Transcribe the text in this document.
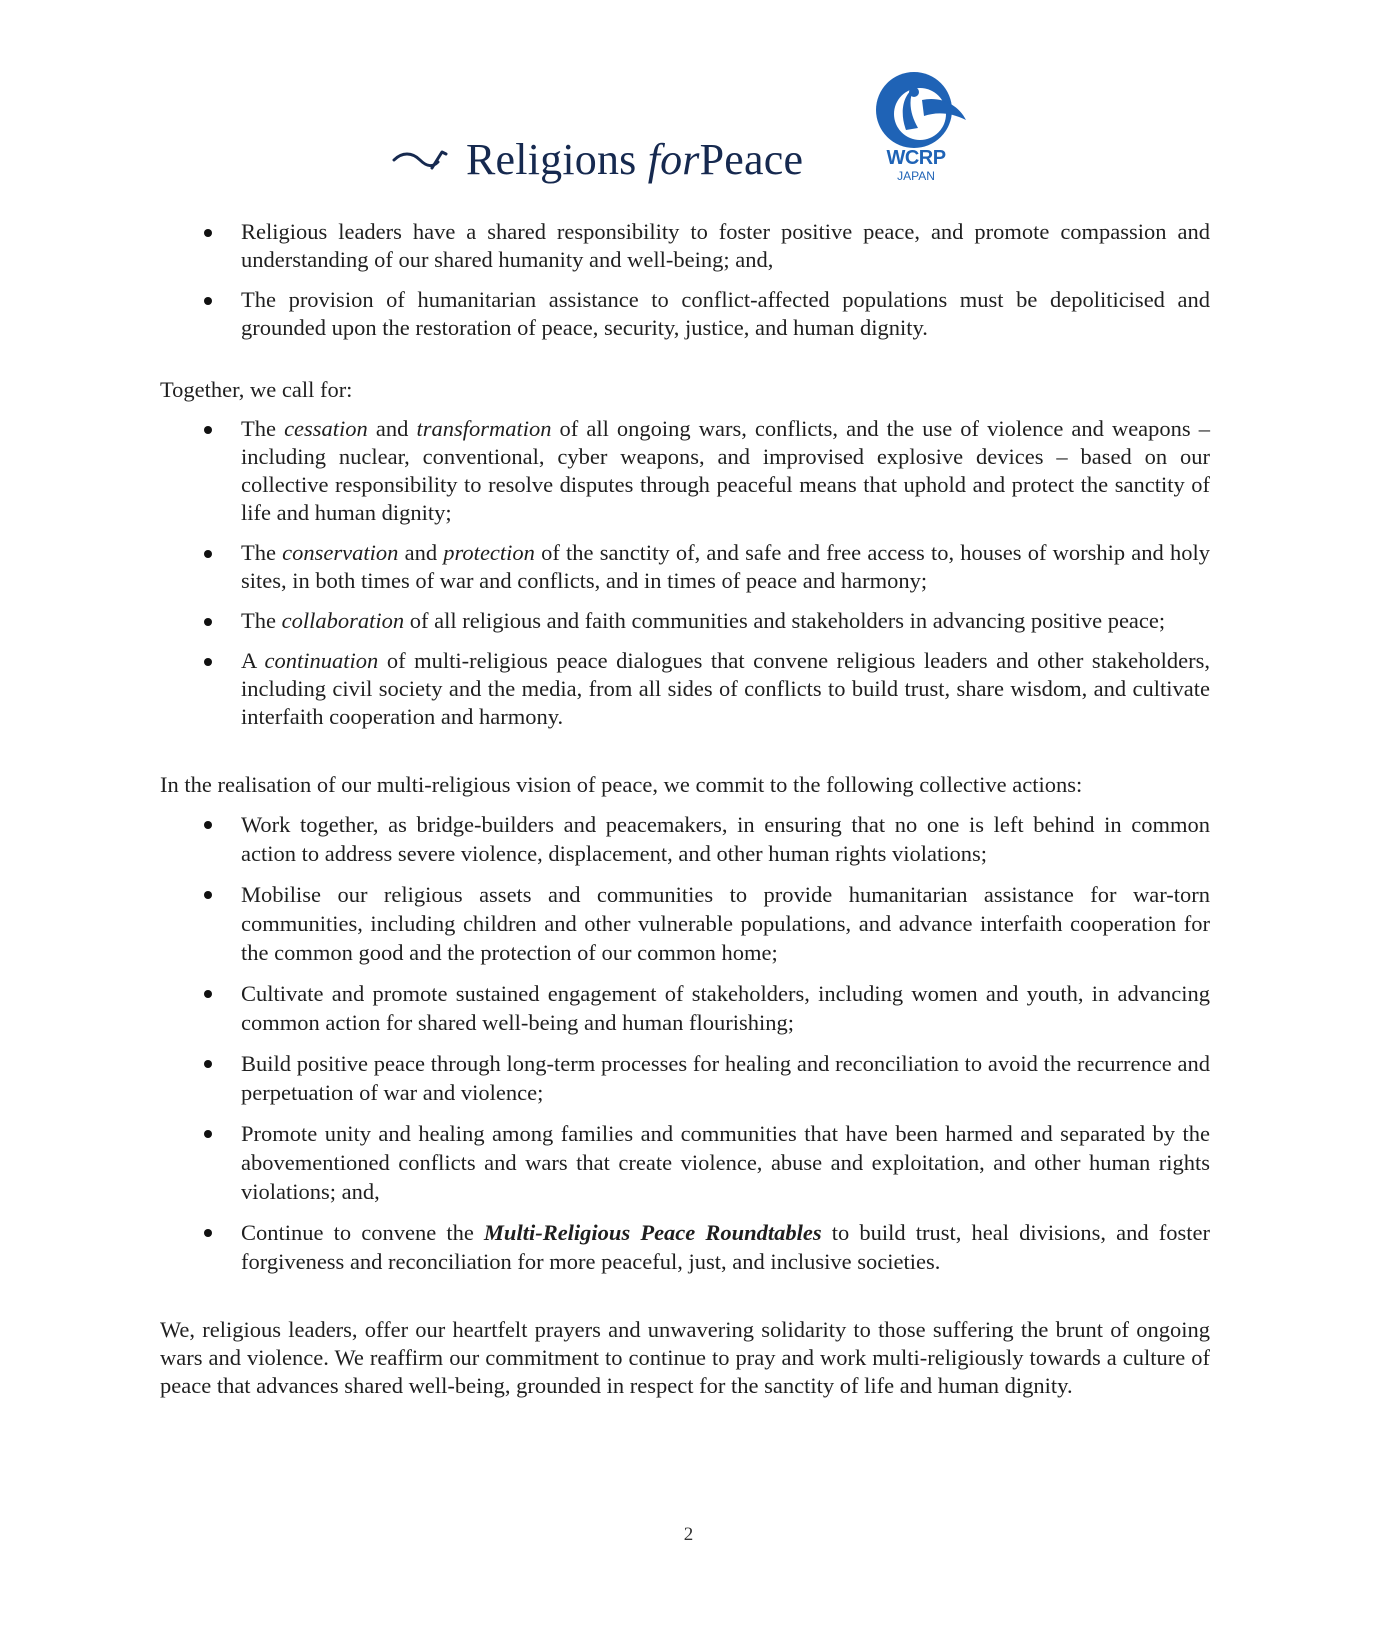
Religions forPeace	WCRP
JAPAN
Religious leaders have a shared responsibility to foster positive peace, and promote compassion and understanding of our shared humanity and well-being; and,
The provision of humanitarian assistance to conflict-affected populations must be depoliticised and grounded upon the restoration of peace, security, justice, and human dignity.

Together, we call for:

The cessation and transformation of all ongoing wars, conflicts, and the use of violence and weapons – including nuclear, conventional, cyber weapons, and improvised explosive devices – based on our collective responsibility to resolve disputes through peaceful means that uphold and protect the sanctity of life and human dignity;
The conservation and protection of the sanctity of, and safe and free access to, houses of worship and holy sites, in both times of war and conflicts, and in times of peace and harmony;
The collaboration of all religious and faith communities and stakeholders in advancing positive peace;
A continuation of multi-religious peace dialogues that convene religious leaders and other stakeholders, including civil society and the media, from all sides of conflicts to build trust, share wisdom, and cultivate interfaith cooperation and harmony.

In the realisation of our multi-religious vision of peace, we commit to the following collective actions:

Work together, as bridge-builders and peacemakers, in ensuring that no one is left behind in common action to address severe violence, displacement, and other human rights violations;
Mobilise our religious assets and communities to provide humanitarian assistance for war-torn communities, including children and other vulnerable populations, and advance interfaith cooperation for the common good and the protection of our common home;
Cultivate and promote sustained engagement of stakeholders, including women and youth, in advancing common action for shared well-being and human flourishing;
Build positive peace through long-term processes for healing and reconciliation to avoid the recurrence and perpetuation of war and violence;
Promote unity and healing among families and communities that have been harmed and separated by the abovementioned conflicts and wars that create violence, abuse and exploitation, and other human rights violations; and,
Continue to convene the Multi-Religious Peace Roundtables to build trust, heal divisions, and foster forgiveness and reconciliation for more peaceful, just, and inclusive societies.

We, religious leaders, offer our heartfelt prayers and unwavering solidarity to those suffering the brunt of ongoing wars and violence. We reaffirm our commitment to continue to pray and work multi-religiously towards a culture of peace that advances shared well-being, grounded in respect for the sanctity of life and human dignity.

2
